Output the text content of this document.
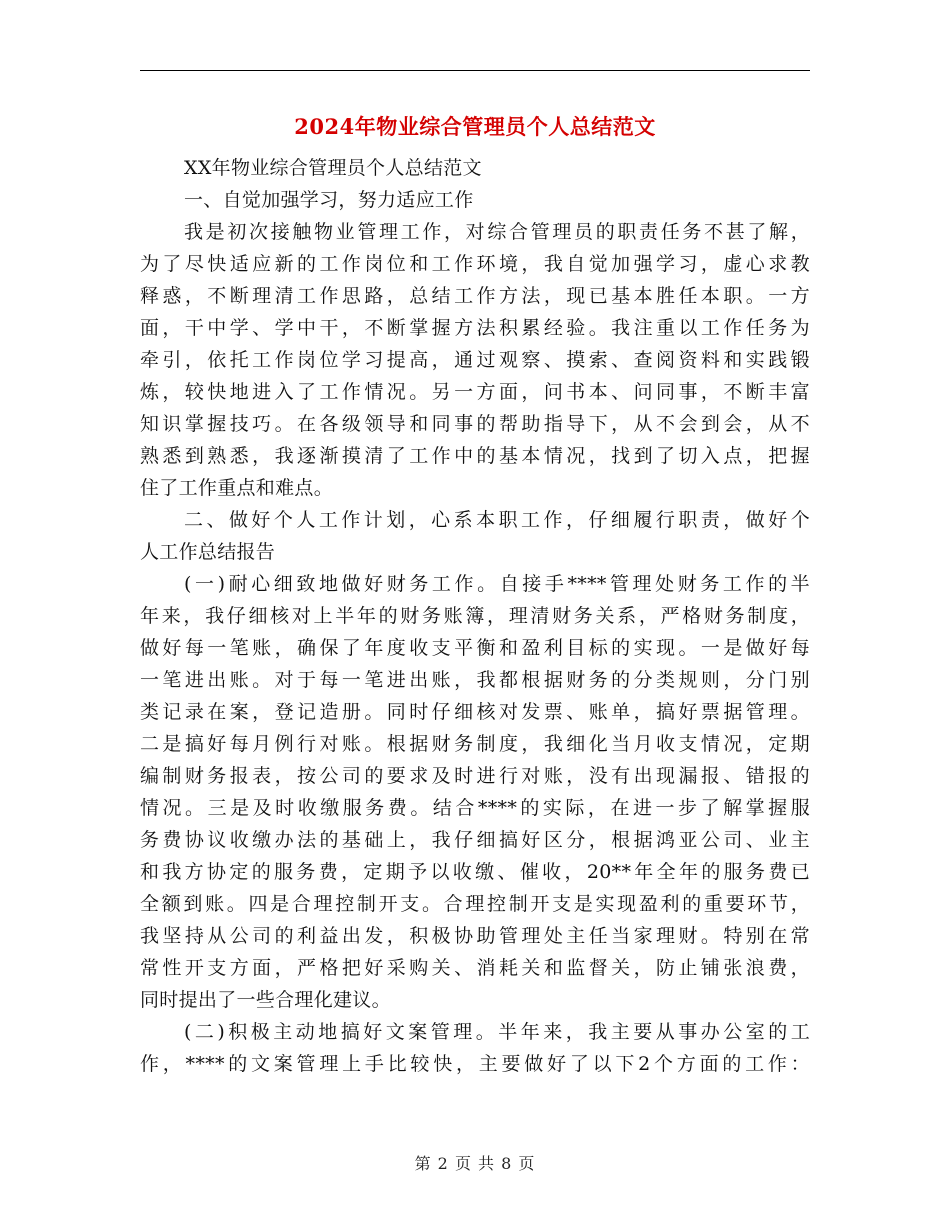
2024年物业综合管理员个人总结范文
XX年物业综合管理员个人总结范文
一、自觉加强学习，努力适应工作
我是初次接触物业管理工作，对综合管理员的职责任务不甚了解，
为了尽快适应新的工作岗位和工作环境，我自觉加强学习，虚心求教
释惑，不断理清工作思路，总结工作方法，现已基本胜任本职。一方
面，干中学、学中干，不断掌握方法积累经验。我注重以工作任务为
牵引，依托工作岗位学习提高，通过观察、摸索、查阅资料和实践锻
炼，较快地进入了工作情况。另一方面，问书本、问同事，不断丰富
知识掌握技巧。在各级领导和同事的帮助指导下，从不会到会，从不
熟悉到熟悉，我逐渐摸清了工作中的基本情况，找到了切入点，把握
住了工作重点和难点。
二、做好个人工作计划，心系本职工作，仔细履行职责，做好个
人工作总结报告
(一)耐心细致地做好财务工作。自接手****管理处财务工作的半
年来，我仔细核对上半年的财务账簿，理清财务关系，严格财务制度，
做好每一笔账，确保了年度收支平衡和盈利目标的实现。一是做好每
一笔进出账。对于每一笔进出账，我都根据财务的分类规则，分门别
类记录在案，登记造册。同时仔细核对发票、账单，搞好票据管理。
二是搞好每月例行对账。根据财务制度，我细化当月收支情况，定期
编制财务报表，按公司的要求及时进行对账，没有出现漏报、错报的
情况。三是及时收缴服务费。结合****的实际，在进一步了解掌握服
务费协议收缴办法的基础上，我仔细搞好区分，根据鸿亚公司、业主
和我方协定的服务费，定期予以收缴、催收，20**年全年的服务费已
全额到账。四是合理控制开支。合理控制开支是实现盈利的重要环节，
我坚持从公司的利益出发，积极协助管理处主任当家理财。特别在常
常性开支方面，严格把好采购关、消耗关和监督关，防止铺张浪费，
同时提出了一些合理化建议。
(二)积极主动地搞好文案管理。半年来，我主要从事办公室的工
作，****的文案管理上手比较快，主要做好了以下2个方面的工作：
第 2 页 共 8 页
